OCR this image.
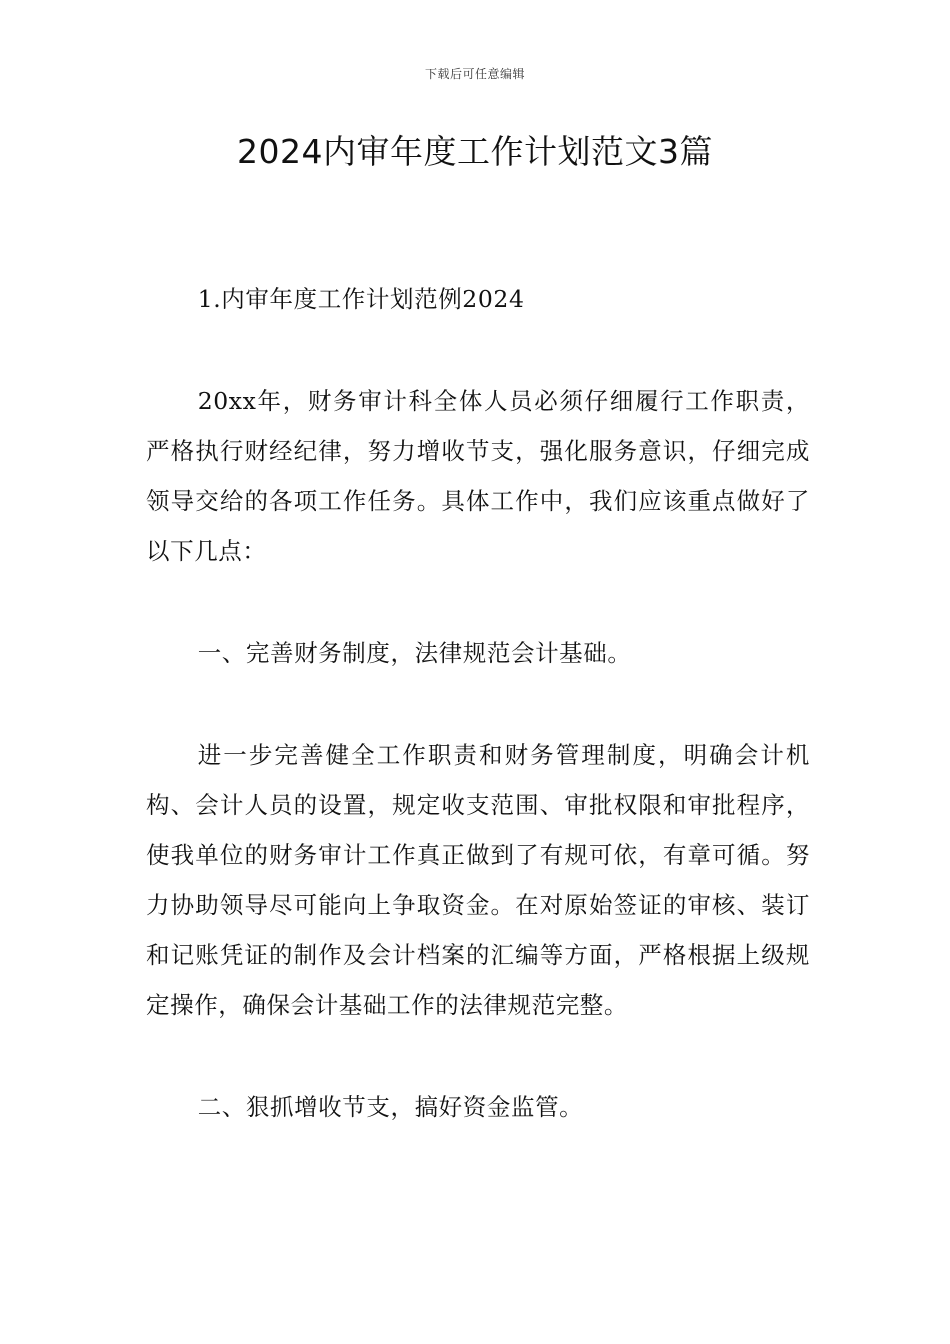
下载后可任意编辑
2024内审年度工作计划范文3篇

1.内审年度工作计划范例2024

20xx年，财务审计科全体人员必须仔细履行工作职责，严格执行财经纪律，努力增收节支，强化服务意识，仔细完成领导交给的各项工作任务。具体工作中，我们应该重点做好了以下几点：

一、完善财务制度，法律规范会计基础。

进一步完善健全工作职责和财务管理制度，明确会计机构、会计人员的设置，规定收支范围、审批权限和审批程序，使我单位的财务审计工作真正做到了有规可依，有章可循。努力协助领导尽可能向上争取资金。在对原始签证的审核、装订和记账凭证的制作及会计档案的汇编等方面，严格根据上级规定操作，确保会计基础工作的法律规范完整。

二、狠抓增收节支，搞好资金监管。
